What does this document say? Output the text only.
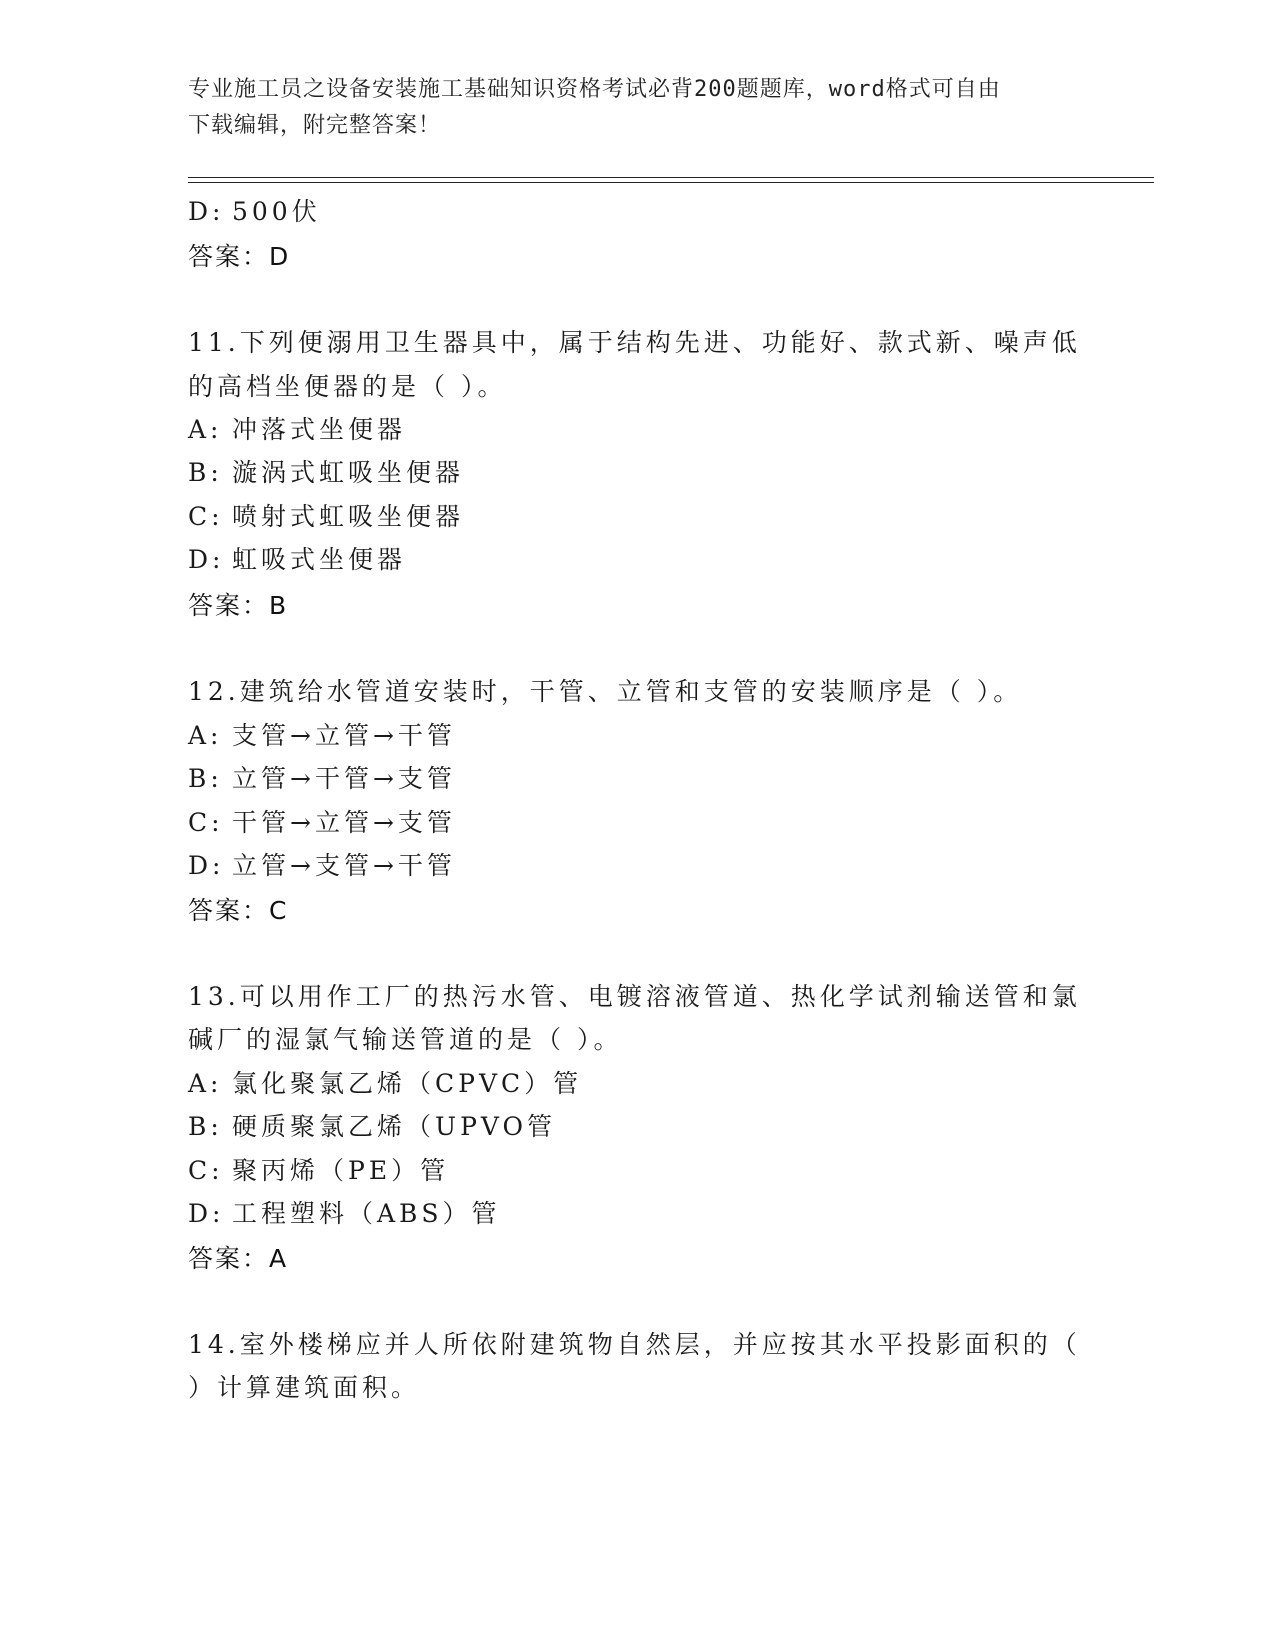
专业施工员之设备安装施工基础知识资格考试必背200题题库，word格式可自由
下载编辑，附完整答案！
D: 500伏
答案：D
11.下列便溺用卫生器具中，属于结构先进、功能好、款式新、噪声低
的高档坐便器的是（ ）。
A: 冲落式坐便器
B: 漩涡式虹吸坐便器
C: 喷射式虹吸坐便器
D: 虹吸式坐便器
答案：B
12.建筑给水管道安装时，干管、立管和支管的安装顺序是（ ）。
A: 支管→立管→干管
B: 立管→干管→支管
C: 干管→立管→支管
D: 立管→支管→干管
答案：C
13.可以用作工厂的热污水管、电镀溶液管道、热化学试剂输送管和氯
碱厂的湿氯气输送管道的是（ ）。
A: 氯化聚氯乙烯（CPVC）管
B: 硬质聚氯乙烯（UPVO管
C: 聚丙烯（PE）管
D: 工程塑料（ABS）管
答案：A
14.室外楼梯应并人所依附建筑物自然层，并应按其水平投影面积的（
）计算建筑面积。
